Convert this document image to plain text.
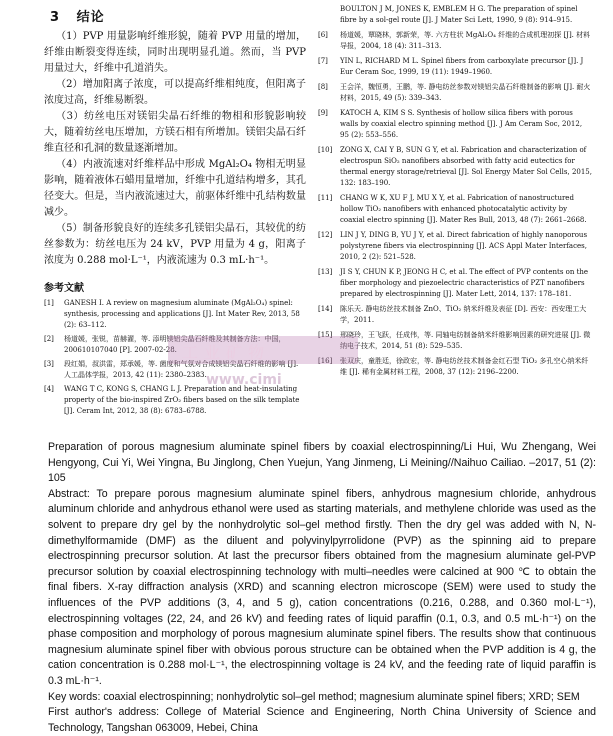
3 结论

（1）PVP 用量影响纤维形貌，随着 PVP 用量的增加，纤维由断裂变得连续，同时出现明显孔道。然而，当 PVP 用量过大，纤维中孔道消失。

（2）增加阳离子浓度，可以提高纤维相纯度，但阳离子浓度过高，纤维易断裂。

（3）纺丝电压对镁铝尖晶石纤维的物相和形貌影响较大，随着纺丝电压增加，方镁石相有所增加。镁铝尖晶石纤维直径和孔洞的数量逐渐增加。

（4）内液流速对纤维样品中形成 MgAl₂O₄ 物相无明显影响，随着液体石蜡用量增加，纤维中孔道结构增多，其孔径变大。但是，当内液流速过大，前驱体纤维中孔结构数量减少。

（5）制备形貌良好的连续多孔镁铝尖晶石，其较优的纺丝参数为：纺丝电压为 24 kV，PVP 用量为 4 g，阳离子浓度为 0.288 mol·L⁻¹，内液流速为 0.3 mL·h⁻¹。

参考文献
[1] GANESH I. A review on magnesium aluminate (MgAl₂O₄) spinel: synthesis, processing and applications [J]. Int Mater Rev, 2013, 58 (2): 63–112.
[2] 杨道媛，张锐，苗赫濯，等. 添明镁铝尖晶石纤维及其制备方法：中国，200610107040 [P]. 2007-02-28.
[3] 段红娟，叔洪雷，郑承媛，等. 菌度和气氛对合成镁铝尖晶石纤维的影响 [J]. 人工晶体学报，2013, 42 (11): 2380–2383.
[4] WANG T C, KONG S, CHANG L J. Preparation and heat-insulating property of the bio-inspired ZrO₂ fibers based on the silk template [J]. Ceram Int, 2012, 38 (8): 6783–6788.
BOULTON J M, JONES K, EMBLEM H G. The preparation of spinel fibre by a sol-gel route [J]. J Mater Sci Lett, 1990, 9 (8): 914–915.
[6] 杨道媛，覃晓林，郭新荣，等. 六方柱状 MgAl₂O₄ 纤维的合成机理初探 [J]. 材料导报，2004, 18 (4): 311–313.
[7] YIN L, RICHARD M L. Spinel fibers from carboxylate precursor [J]. J Eur Ceram Soc, 1999, 19 (11): 1949–1960.
[8] 王会洋，魏恒勇，王鹏，等. 静电纺丝参数对镁铝尖晶石纤维制备的影响 [J]. 耐火材料，2015, 49 (5): 339–343.
[9] KATOCH A, KIM S S. Synthesis of hollow silica fibers with porous walls by coaxial electro spinning method [J]. J Am Ceram Soc, 2012, 95 (2): 553–556.
[10] ZONG X, CAI Y B, SUN G Y, et al. Fabrication and characterization of electrospun SiO₂ nanofibers absorbed with fatty acid eutectics for thermal energy storage/retrieval [J]. Sol Energy Mater Sol Cells, 2015, 132: 183–190.
[11] CHANG W K, XU F J, MU X Y, et al. Fabrication of nanostructured hollow TiO₂ nanofibers with enhanced photocatalytic activity by coaxial electro spinning [J]. Mater Res Bull, 2013, 48 (7): 2661–2668.
[12] LIN J Y, DING B, YU J Y, et al. Direct fabrication of highly nanoporous polystyrene fibers via electrospinning [J]. ACS Appl Mater Interfaces, 2010, 2 (2): 521–528.
[13] JI S Y, CHUN K P, JEONG H C, et al. The effect of PVP contents on the fiber morphology and piezoelectric characteristics of PZT nanofibers prepared by electrospinning [J]. Mater Lett, 2014, 137: 178–181.
[14] 陈乐天. 静电纺丝技术制备 ZnO、TiO₂ 纳米纤维及表征 [D]. 西安：西安理工大学，2011.
[15] 邢晓玲，王飞跃，任成伟，等. 同轴电纺制备纳米纤维影响因素的研究进展 [J]. 微纳电子技术，2014, 51 (8): 529–535.
[16] 张双庆，童胜廷，徐政宏，等. 静电纺丝技术制备金红石型 TiO₂ 多孔空心纳米纤维 [J]. 稀有金属材料工程，2008, 37 (12): 2196–2200.
工业矿物
www.cimi

Preparation of porous magnesium aluminate spinel fibers by coaxial electrospinning/Li Hui, Wu Zhengang, Wei Hengyong, Cui Yi, Wei Yingna, Bu Jinglong, Chen Yuejun, Yang Jinmeng, Li Meining//Naihuo Cailiao. –2017, 51 (2): 105

Abstract: To prepare porous magnesium aluminate spinel fibers, anhydrous magnesium chloride, anhydrous aluminum chloride and anhydrous ethanol were used as starting materials, and methylene chloride was used as the solvent to prepare dry gel by the nonhydrolytic sol–gel method firstly. Then the dry gel was added with N, N-dimethylformamide (DMF) as the diluent and polyvinylpyrrolidone (PVP) as the spinning aid to prepare electrospinning precursor solution. At last the precursor fibers obtained from the magnesium aluminate gel-PVP precursor solution by coaxial electrospinning technology with multi–needles were calcined at 900 ℃ to obtain the final fibers. X-ray diffraction analysis (XRD) and scanning electron microscope (SEM) were used to study the influences of the PVP additions (3, 4, and 5 g), cation concentrations (0.216, 0.288, and 0.360 mol·L⁻¹), electrospinning voltages (22, 24, and 26 kV) and feeding rates of liquid paraffin (0.1, 0.3, and 0.5 mL·h⁻¹) on the phase composition and morphology of porous magnesium aluminate spinel fibers. The results show that continuous magnesium aluminate spinel fiber with obvious porous structure can be obtained when the PVP addition is 4 g, the cation concentration is 0.288 mol·L⁻¹, the electrospinning voltage is 24 kV, and the feeding rate of liquid paraffin is 0.3 mL·h⁻¹.

Key words: coaxial electrospinning; nonhydrolytic sol–gel method; magnesium aluminate spinel fibers; XRD; SEM

First author's address: College of Material Science and Engineering, North China University of Science and Technology, Tangshan 063009, Hebei, China
